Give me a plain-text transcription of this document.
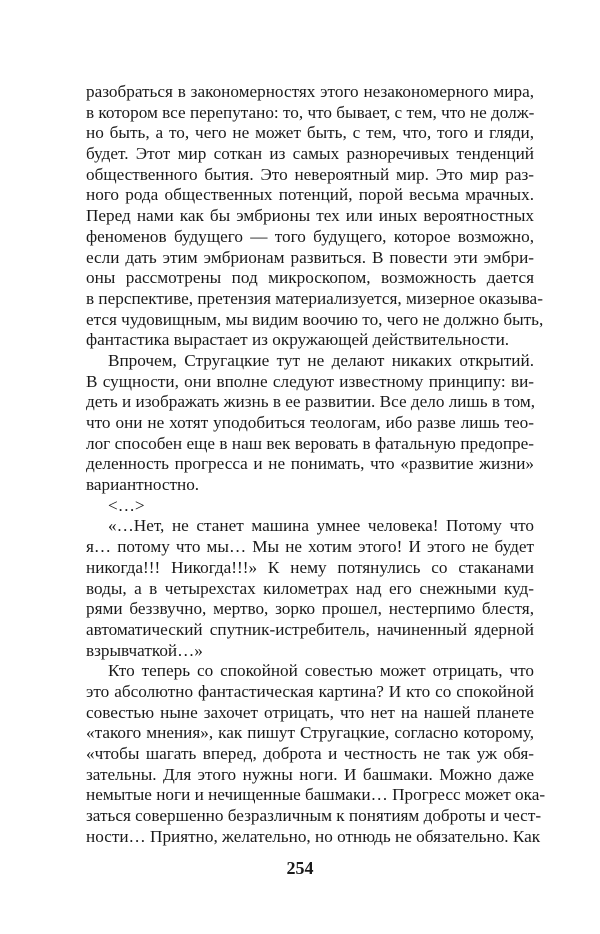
разобраться в закономерностях этого незакономерного мира,
в котором все перепутано: то, что бывает, с тем, что не долж-
но быть, а то, чего не может быть, с тем, что, того и гляди,
будет. Этот мир соткан из самых разноречивых тенденций
общественного бытия. Это невероятный мир. Это мир раз-
ного рода общественных потенций, порой весьма мрачных.
Перед нами как бы эмбрионы тех или иных вероятностных
феноменов будущего — того будущего, которое возможно,
если дать этим эмбрионам развиться. В повести эти эмбри-
оны рассмотрены под микроскопом, возможность дается
в перспективе, претензия материализуется, мизерное оказыва-
ется чудовищным, мы видим воочию то, чего не должно быть,
фантастика вырастает из окружающей действительности.
Впрочем, Стругацкие тут не делают никаких открытий.
В сущности, они вполне следуют известному принципу: ви-
деть и изображать жизнь в ее развитии. Все дело лишь в том,
что они не хотят уподобиться теологам, ибо разве лишь тео-
лог способен еще в наш век веровать в фатальную предопре-
деленность прогресса и не понимать, что «развитие жизни»
вариантностно.
<…>
«…Нет, не станет машина умнее человека! Потому что
я… потому что мы… Мы не хотим этого! И этого не будет
никогда!!! Никогда!!!» К нему потянулись со стаканами
воды, а в четырехстах километрах над его снежными куд-
рями беззвучно, мертво, зорко прошел, нестерпимо блестя,
автоматический спутник-истребитель, начиненный ядерной
взрывчаткой…»
Кто теперь со спокойной совестью может отрицать, что
это абсолютно фантастическая картина? И кто со спокойной
совестью ныне захочет отрицать, что нет на нашей планете
«такого мнения», как пишут Стругацкие, согласно которому,
«чтобы шагать вперед, доброта и честность не так уж обя-
зательны. Для этого нужны ноги. И башмаки. Можно даже
немытые ноги и нечищенные башмаки… Прогресс может ока-
заться совершенно безразличным к понятиям доброты и чест-
ности… Приятно, желательно, но отнюдь не обязательно. Как
254
